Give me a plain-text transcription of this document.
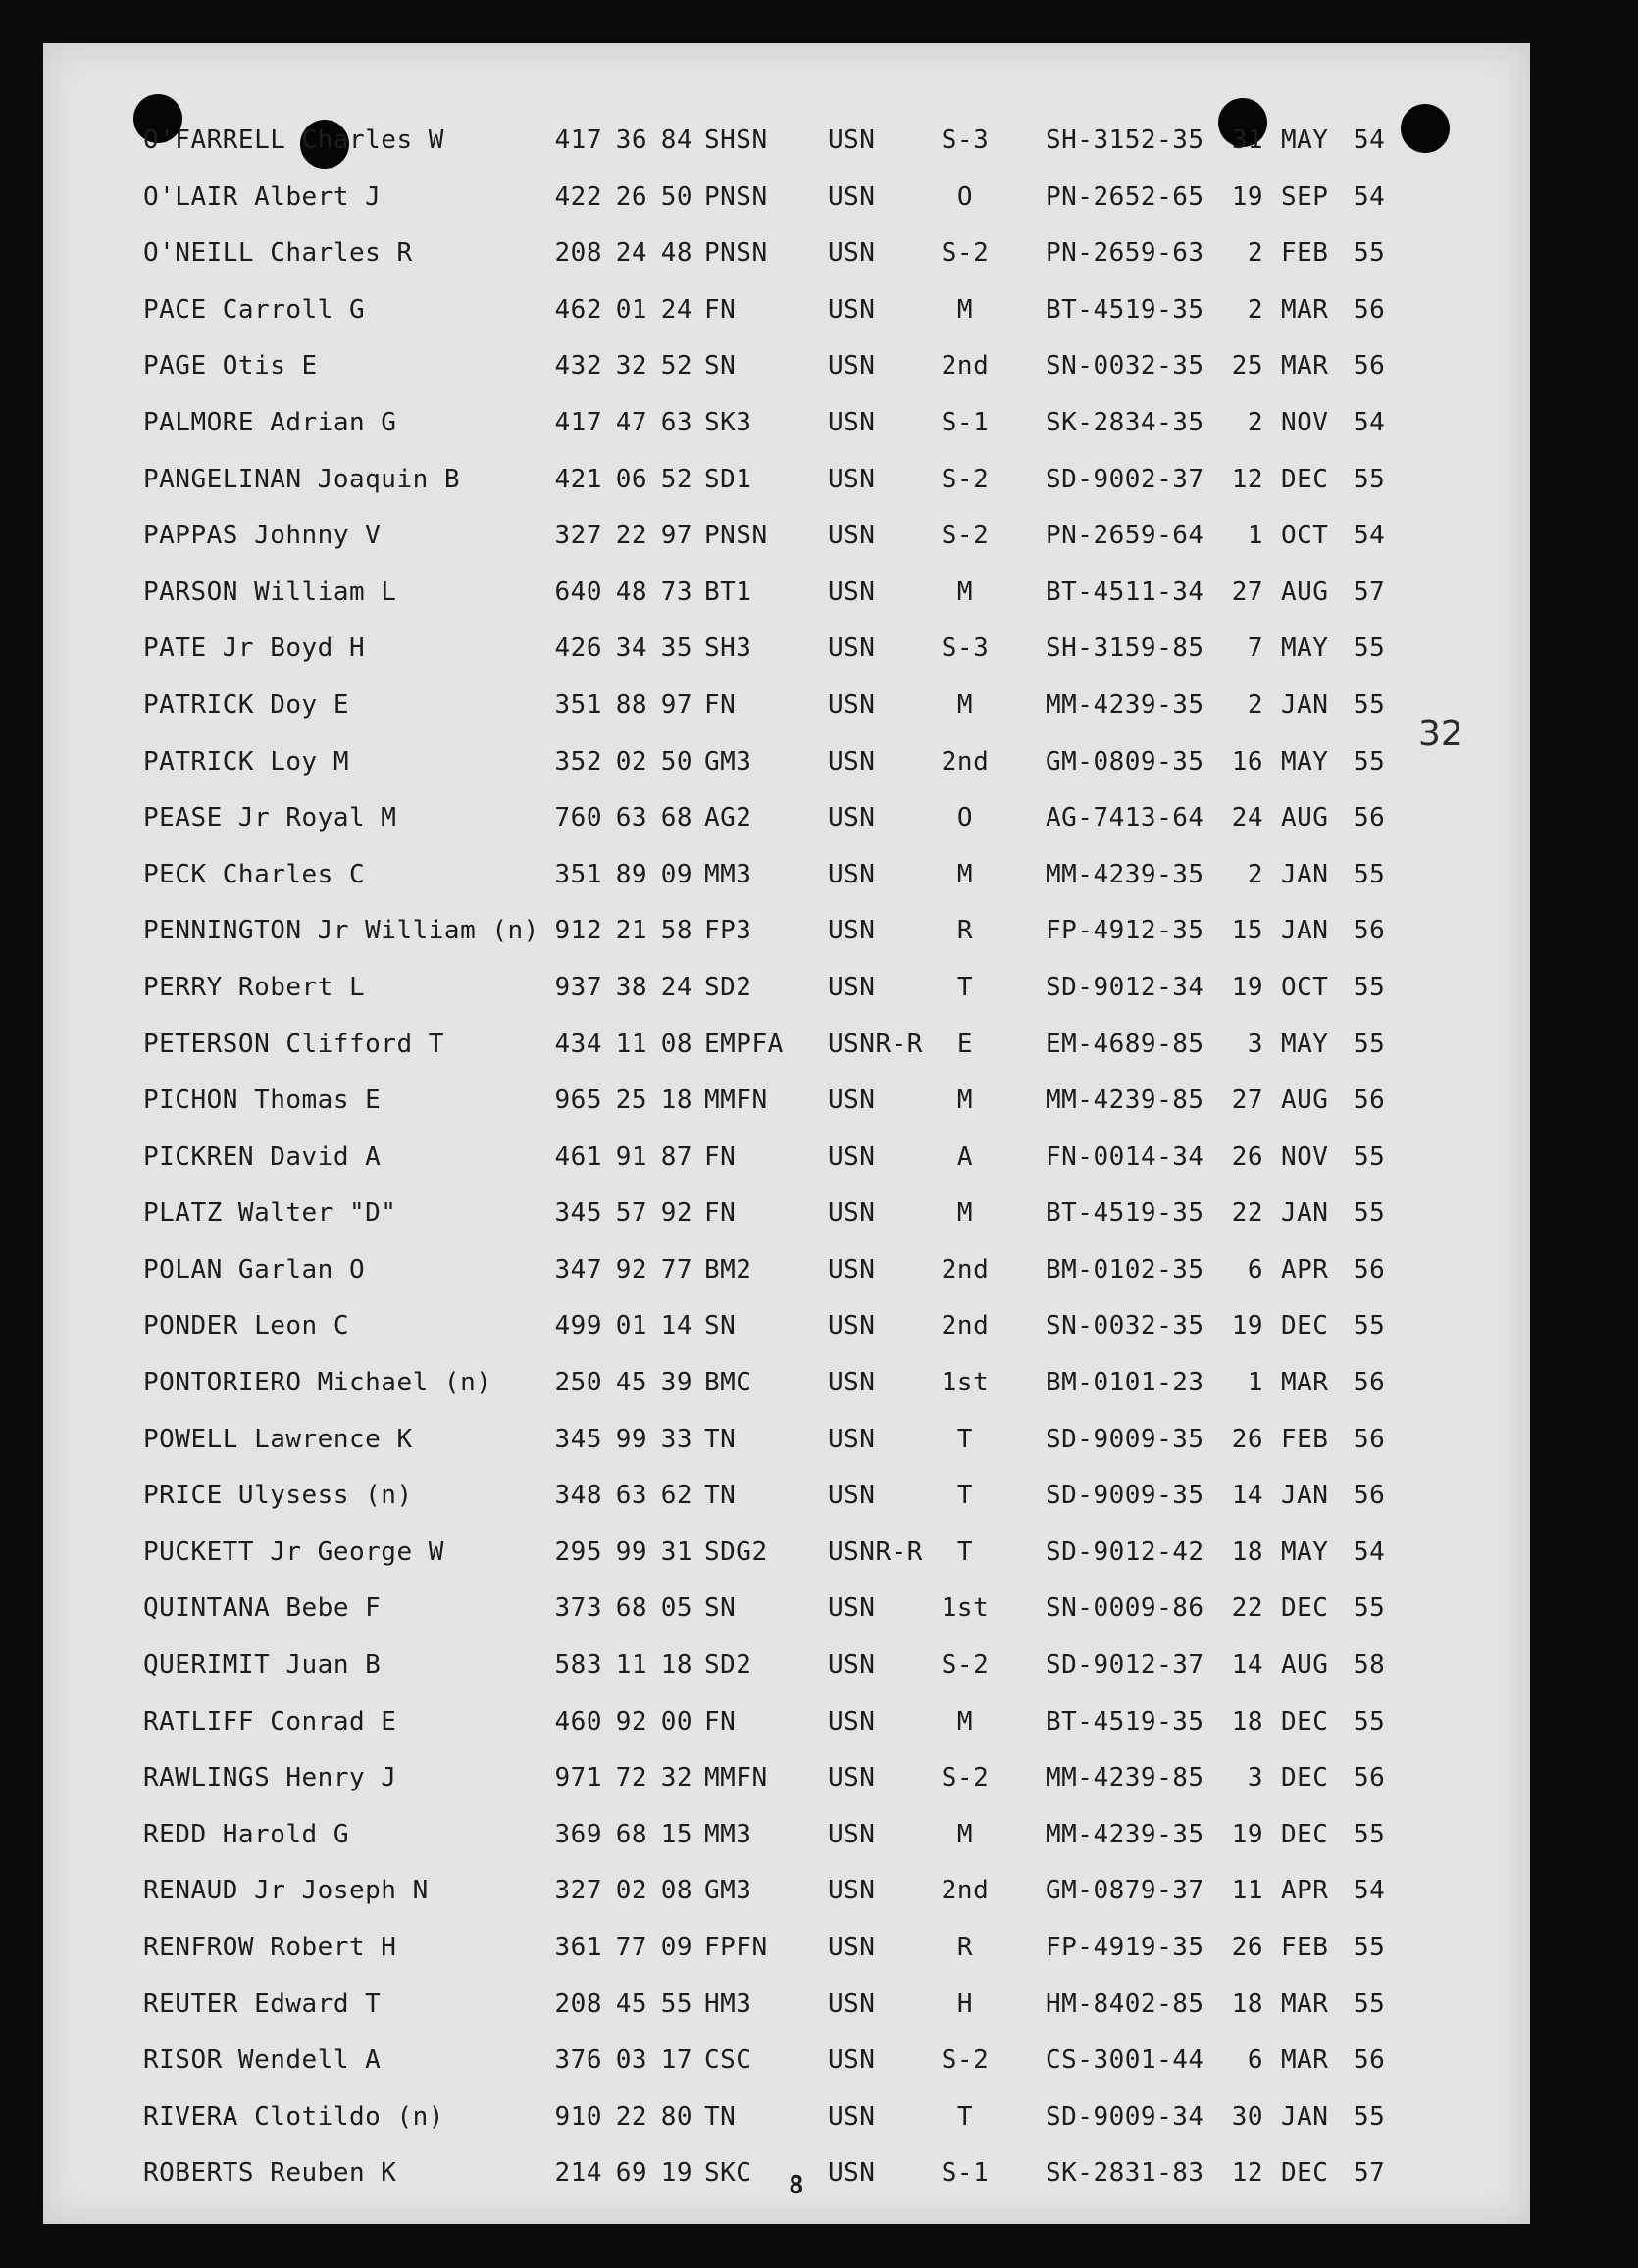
O'FARRELL Charles W	417 36 84 SHSN USN	S-3	SH-3152-35	31 MAY 54
O'LAIR Albert J	422 26 50 PNSN USN	O	PN-2652-65	19 SEP 54
O'NEILL Charles R	208 24 48 PNSN USN	S-2	PN-2659-63	2 FEB 55
PACE Carroll G	462 01 24 FN	USN	M	BT-4519-35	2 MAR 56
PAGE Otis E	432 32 52 SN	USN	2nd	SN-0032-35	25 MAR 56
PALMORE Adrian G	417 47 63 SK3	USN	S-1	SK-2834-35	2 NOV 54
PANGELINAN Joaquin B	421 06 52 SD1	USN	S-2	SD-9002-37	12 DEC 55
PAPPAS Johnny V	327 22 97 PNSN USN	S-2	PN-2659-64	1 OCT 54
PARSON William L	640 48 73 BT1	USN	M	BT-4511-34	27 AUG 57
PATE Jr Boyd H	426 34 35 SH3	USN	S-3	SH-3159-85	7 MAY 55
PATRICK Doy E	351 88 97 FN	USN	M	MM-4239-35	2 JAN 55
PATRICK Loy M	352 02 50 GM3	USN	2nd	GM-0809-35	16 MAY 55
PEASE Jr Royal M	760 63 68 AG2	USN	O	AG-7413-64	24 AUG 56
PECK Charles C	351 89 09 MM3	USN	M	MM-4239-35	2 JAN 55
PENNINGTON Jr William (n) 912 21 58 FP3	USN	R	FP-4912-35	15 JAN 56
PERRY Robert L	937 38 24 SD2	USN	T	SD-9012-34	19 OCT 55
PETERSON Clifford T	434 11 08 EMPFA USNR-R	E	EM-4689-85	3 MAY 55
PICHON Thomas E	965 25 18 MMFN USN	M	MM-4239-85	27 AUG 56
PICKREN David A	461 91 87 FN	USN	A	FN-0014-34	26 NOV 55
PLATZ Walter "D"	345 57 92 FN	USN	M	BT-4519-35	22 JAN 55
POLAN Garlan O	347 92 77 BM2	USN	2nd	BM-0102-35	6 APR 56
PONDER Leon C	499 01 14 SN	USN	2nd	SN-0032-35	19 DEC 55
PONTORIERO Michael (n) 250 45 39 BMC	USN	1st	BM-0101-23	1 MAR 56
POWELL Lawrence K	345 99 33 TN	USN	T	SD-9009-35	26 FEB 56
PRICE Ulysess (n)	348 63 62 TN	USN	T	SD-9009-35	14 JAN 56
PUCKETT Jr George W	295 99 31 SDG2 USNR-R	T	SD-9012-42	18 MAY 54
QUINTANA Bebe F	373 68 05 SN	USN	1st	SN-0009-86	22 DEC 55
QUERIMIT Juan B	583 11 18 SD2	USN	S-2	SD-9012-37	14 AUG 58
RATLIFF Conrad E	460 92 00 FN	USN	M	BT-4519-35	18 DEC 55
RAWLINGS Henry J	971 72 32 MMFN USN	S-2	MM-4239-85	3 DEC 56
REDD Harold G	369 68 15 MM3	USN	M	MM-4239-35	19 DEC 55
RENAUD Jr Joseph N	327 02 08 GM3	USN	2nd	GM-0879-37	11 APR 54
RENFROW Robert H	361 77 09 FPFN USN	R	FP-4919-35	26 FEB 55
REUTER Edward T	208 45 55 HM3	USN	H	HM-8402-85	18 MAR 55
RISOR Wendell A	376 03 17 CSC	USN	S-2	CS-3001-44	6 MAR 56
RIVERA Clotildo (n)	910 22 80 TN	USN	T	SD-9009-34	30 JAN 55
ROBERTS Reuben K	214 69 19 SKC	USN	S-1	SK-2831-83	12 DEC 57
32
8
